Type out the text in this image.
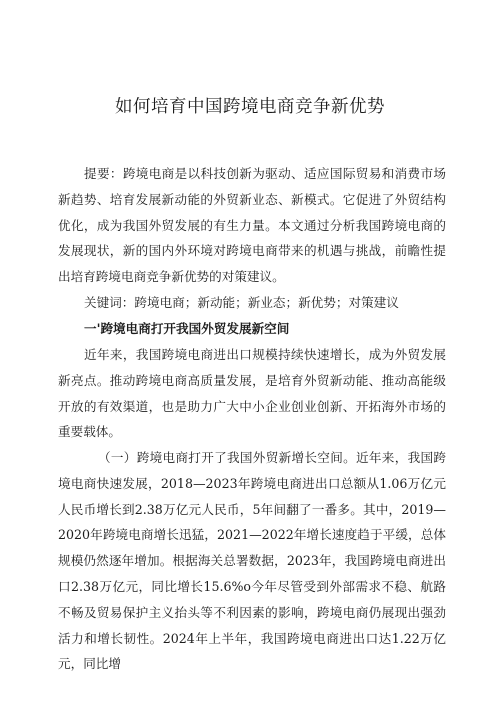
如何培育中国跨境电商竞争新优势

提要：跨境电商是以科技创新为驱动、适应国际贸易和消费市场新趋势、培育发展新动能的外贸新业态、新模式。它促进了外贸结构优化，成为我国外贸发展的有生力量。本文通过分析我国跨境电商的发展现状，新的国内外环境对跨境电商带来的机遇与挑战，前瞻性提出培育跨境电商竞争新优势的对策建议。

关键词：跨境电商；新动能；新业态；新优势；对策建议

一'跨境电商打开我国外贸发展新空间

近年来，我国跨境电商进出口规模持续快速增长，成为外贸发展新亮点。推动跨境电商高质量发展，是培育外贸新动能、推动高能级开放的有效渠道，也是助力广大中小企业创业创新、开拓海外市场的重要载体。

（一）跨境电商打开了我国外贸新增长空间。近年来，我国跨境电商快速发展，2018—2023年跨境电商进出口总额从1.06万亿元人民币增长到2.38万亿元人民币，5年间翻了一番多。其中，2019—2020年跨境电商增长迅猛，2021—2022年增长速度趋于平缓，总体规模仍然逐年增加。根据海关总署数据，2023年，我国跨境电商进出口2.38万亿元，同比增长15.6%o今年尽管受到外部需求不稳、航路不畅及贸易保护主义抬头等不利因素的影响，跨境电商仍展现出强劲活力和增长韧性。2024年上半年，我国跨境电商进出口达1.22万亿元，同比增
